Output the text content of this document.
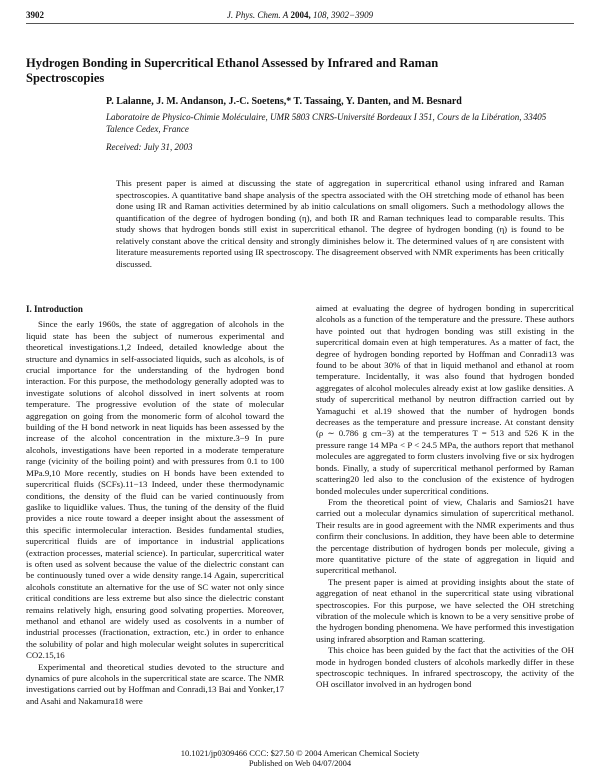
3902	J. Phys. Chem. A 2004, 108, 3902−3909
Hydrogen Bonding in Supercritical Ethanol Assessed by Infrared and Raman Spectroscopies
P. Lalanne, J. M. Andanson, J.-C. Soetens,* T. Tassaing, Y. Danten, and M. Besnard
Laboratoire de Physico-Chimie Moléculaire, UMR 5803 CNRS-Université Bordeaux I 351, Cours de la Libération, 33405 Talence Cedex, France
Received: July 31, 2003
This present paper is aimed at discussing the state of aggregation in supercritical ethanol using infrared and Raman spectroscopies. A quantitative band shape analysis of the spectra associated with the OH stretching mode of ethanol has been done using IR and Raman activities determined by ab initio calculations on small oligomers. Such a methodology allows the quantification of the degree of hydrogen bonding (η), and both IR and Raman techniques lead to comparable results. This study shows that hydrogen bonds still exist in supercritical ethanol. The degree of hydrogen bonding (η) is found to be relatively constant above the critical density and strongly diminishes below it. The determined values of η are consistent with literature measurements reported using IR spectroscopy. The disagreement observed with NMR experiments has been critically discussed.
I. Introduction

Since the early 1960s, the state of aggregation of alcohols in the liquid state has been the subject of numerous experimental and theoretical investigations.1,2 Indeed, detailed knowledge about the structure and dynamics in self-associated liquids, such as alcohols, is of crucial importance for the understanding of the hydrogen bond interaction. For this purpose, the methodology generally adopted was to investigate solutions of alcohol dissolved in inert solvents at room temperature. The progressive evolution of the state of molecular aggregation on going from the monomeric form of alcohol toward the building of the H bond network in neat liquids has been assessed by the increase of the alcohol concentration in the mixture.3−9 In pure alcohols, investigations have been reported in a moderate temperature range (vicinity of the boiling point) and with pressures from 0.1 to 100 MPa.9,10 More recently, studies on H bonds have been extended to supercritical fluids (SCFs).11−13 Indeed, under these thermodynamic conditions, the density of the fluid can be varied continuously from gaslike to liquidlike values. Thus, the tuning of the density of the fluid provides a nice route toward a deeper insight about the assessment of this specific intermolecular interaction. Besides fundamental studies, supercritical fluids are of importance in industrial applications (extraction processes, material science). In particular, supercritical water is often used as solvent because the value of the dielectric constant can be continuously tuned over a wide density range.14 Again, supercritical alcohols constitute an alternative for the use of SC water not only since critical conditions are less extreme but also since the dielectric constant remains relatively high, ensuring good solvating properties. Moreover, methanol and ethanol are widely used as cosolvents in a number of industrial processes (fractionation, extraction, etc.) in order to enhance the solubility of polar and high molecular weight solutes in supercritical CO2.15,16

Experimental and theoretical studies devoted to the structure and dynamics of pure alcohols in the supercritical state are scarce. The NMR investigations carried out by Hoffman and Conradi,13 Bai and Yonker,17 and Asahi and Nakamura18 were

aimed at evaluating the degree of hydrogen bonding in supercritical alcohols as a function of the temperature and the pressure. These authors have pointed out that hydrogen bonding was still existing in the supercritical domain even at high temperatures. As a matter of fact, the degree of hydrogen bonding reported by Hoffman and Conradi13 was found to be about 30% of that in liquid methanol and ethanol at room temperature. Incidentally, it was also found that hydrogen bonded aggregates of alcohol molecules already exist at low gaslike densities. A study of supercritical methanol by neutron diffraction carried out by Yamaguchi et al.19 showed that the number of hydrogen bonds decreases as the temperature and pressure increase. At constant density (ρ ∼ 0.786 g cm−3) at the temperatures T = 513 and 526 K in the pressure range 14 MPa < P < 24.5 MPa, the authors report that methanol molecules are aggregated to form clusters involving five or six hydrogen bonds. Finally, a study of supercritical methanol performed by Raman scattering20 led also to the conclusion of the existence of hydrogen bonded molecules under supercritical conditions.

From the theoretical point of view, Chalaris and Samios21 have carried out a molecular dynamics simulation of supercritical methanol. Their results are in good agreement with the NMR experiments and thus confirm their conclusions. In addition, they have been able to determine the percentage distribution of hydrogen bonds per molecule, giving a more quantitative picture of the state of aggregation in liquid and supercritical methanol.

The present paper is aimed at providing insights about the state of aggregation of neat ethanol in the supercritical state using vibrational spectroscopies. For this purpose, we have selected the OH stretching vibration of the molecule which is known to be a very sensitive probe of the hydrogen bonding phenomena. We have performed this investigation using infrared absorption and Raman scattering.

This choice has been guided by the fact that the activities of the OH mode in hydrogen bonded clusters of alcohols markedly differ in these spectroscopic techniques. In infrared spectroscopy, the activity of the OH oscillator involved in an hydrogen bond

10.1021/jp0309466 CCC: $27.50 © 2004 American Chemical Society
Published on Web 04/07/2004
